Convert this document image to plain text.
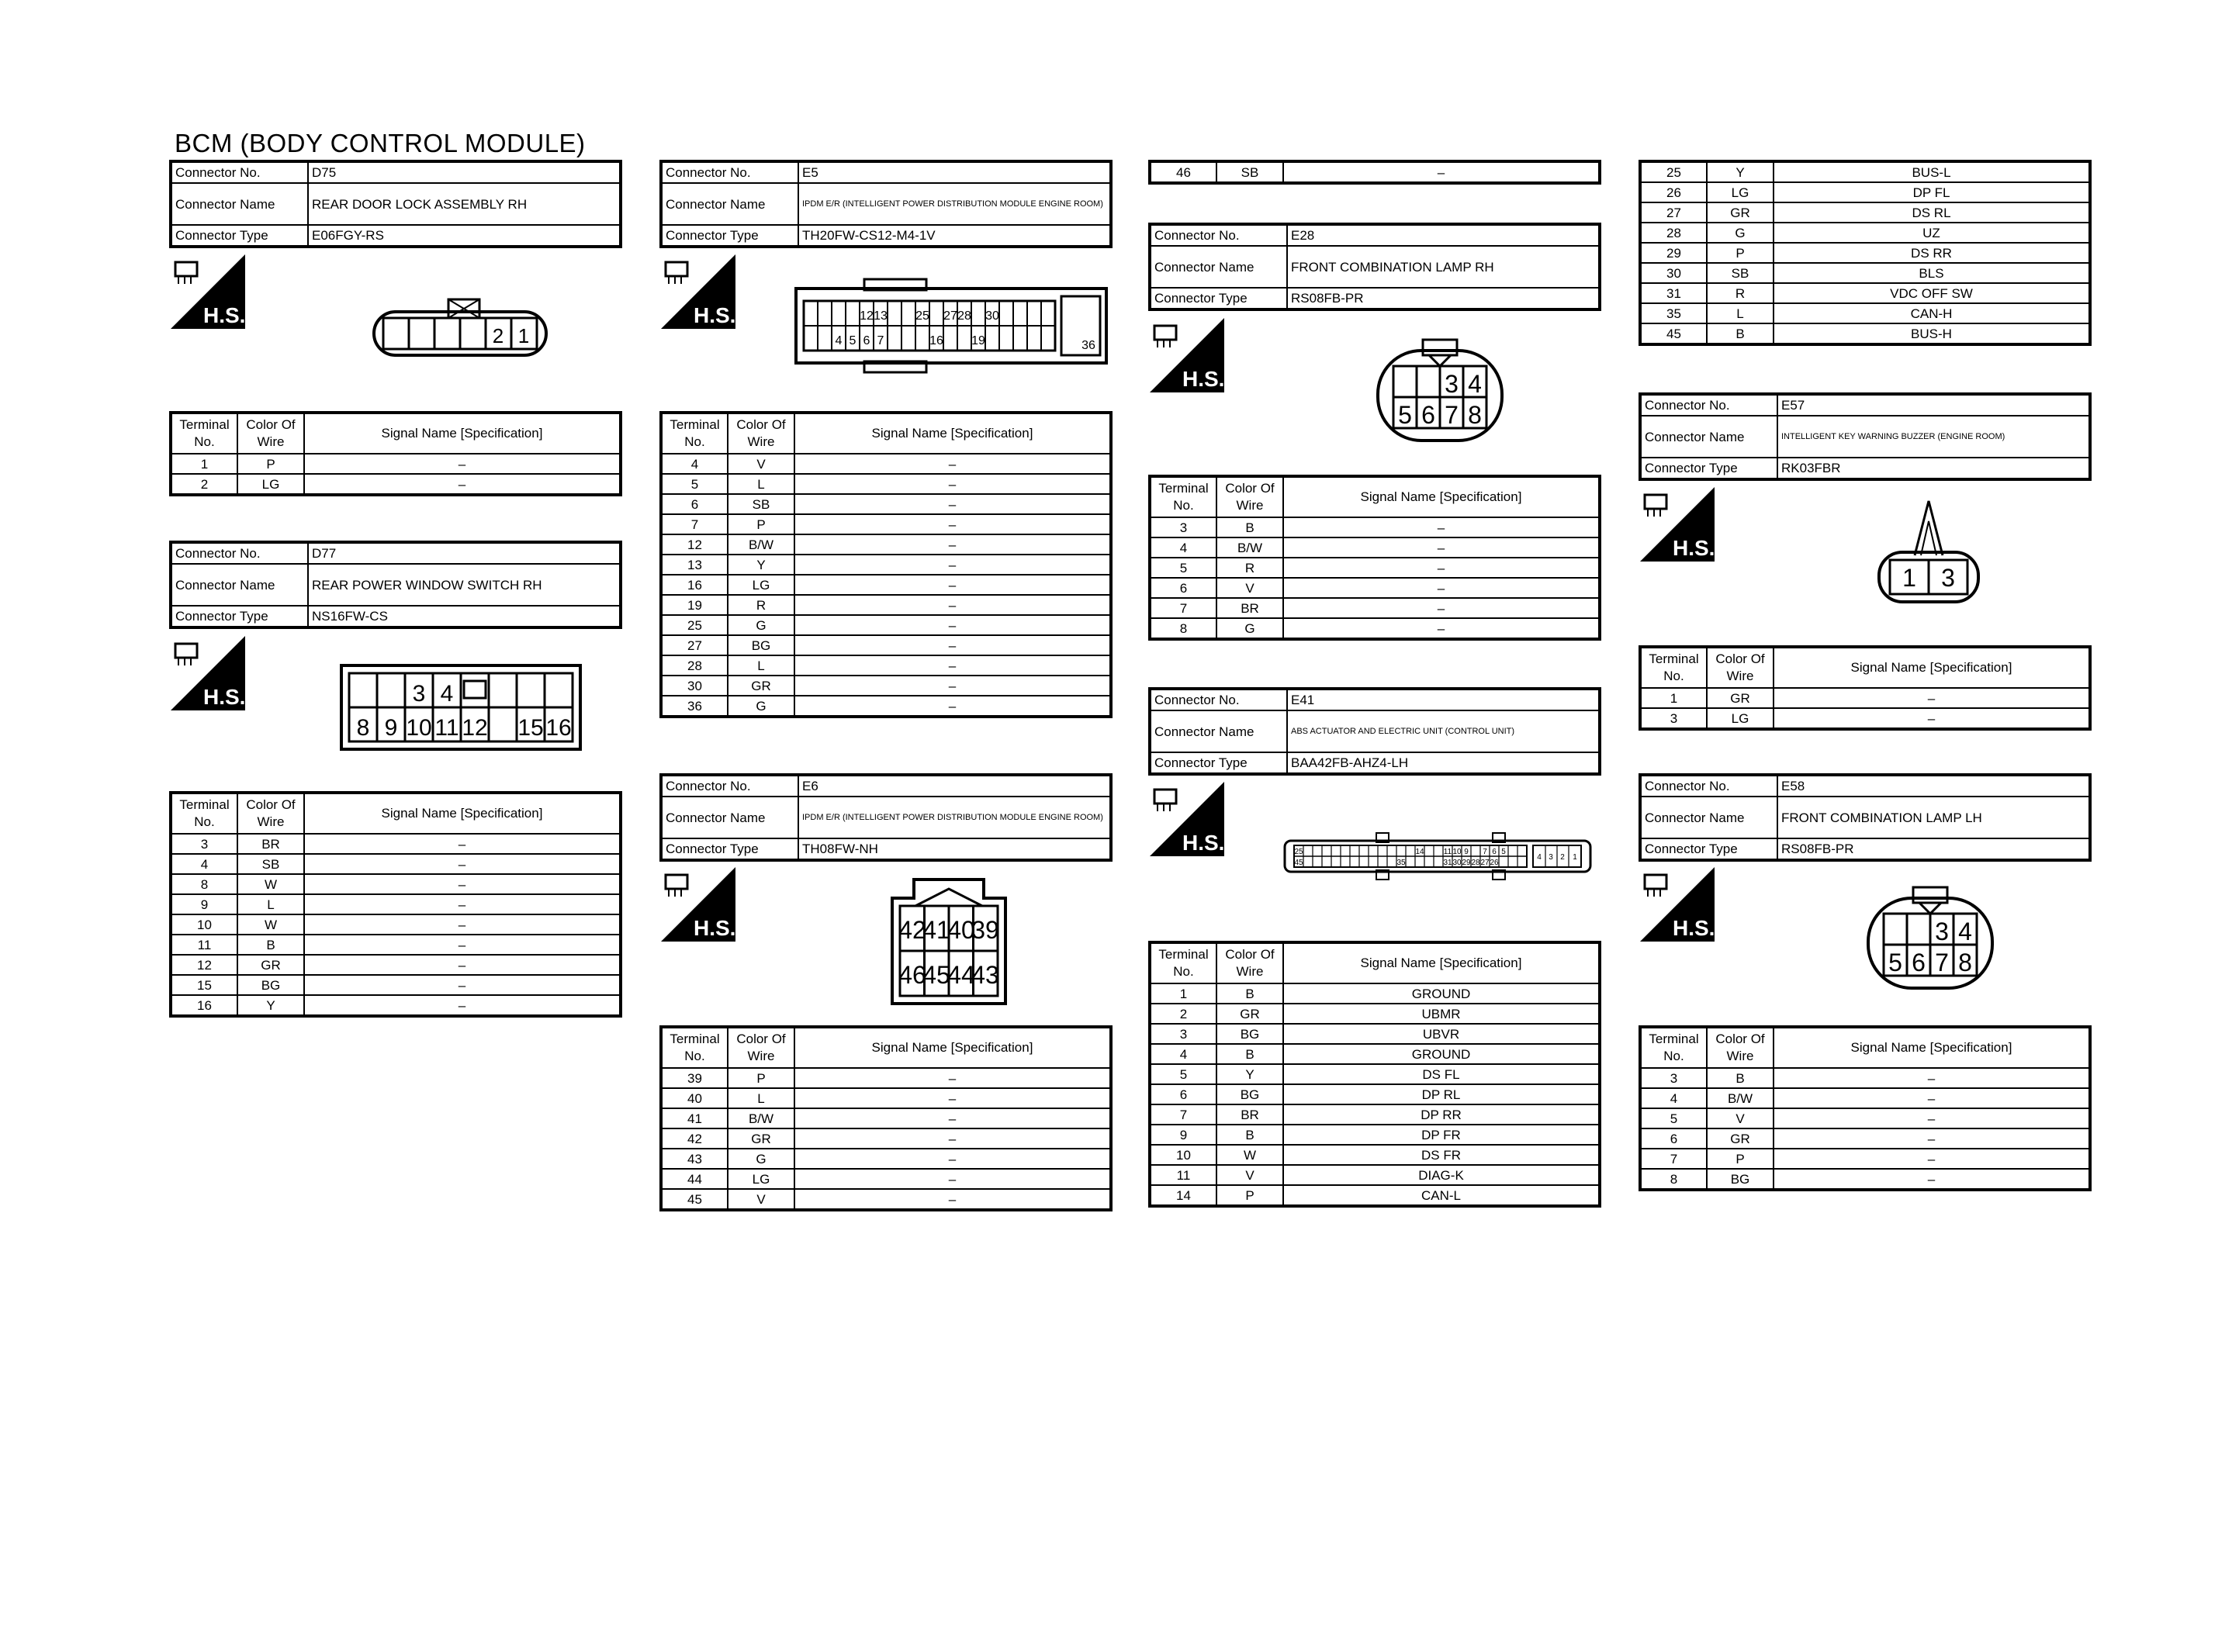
BCM (BODY CONTROL MODULE)
Connector No.	D75
Connector Name	REAR DOOR LOCK ASSEMBLY RH
Connector Type	E06FGY-RS
H.S.
2 1
Terminal No.	Color Of Wire	Signal Name [Specification]
1	P	–
2	LG	–
Connector No.	D77
Connector Name	REAR POWER WINDOW SWITCH RH
Connector Type	NS16FW-CS
H.S.	3 4
8 9 10 11 12 15 16
Terminal No.	Color Of Wire	Signal Name [Specification]
3	BR	–
4	SB	–
8	W	–
9	L	–
10	W	–
11	B	–
12	GR	–
15	BG	–
16	Y	–
Connector No.	E5
Connector Name	IPDM E/R (INTELLIGENT POWER DISTRIBUTION MODULE ENGINE ROOM)
Connector Type	TH20FW-CS12-M4-1V
H.S.	12 13 25 27 28 30
4 5 6 7	16 19	36
Terminal No.	Color Of Wire	Signal Name [Specification]
4	V	–
5	L	–
6	SB	–
7	P	–
12	B/W	–
13	Y	–
16	LG	–
19	R	–
25	G	–
27	BG	–
28	L	–
30	GR	–
36	G	–
Connector No.	E6
Connector Name	IPDM E/R (INTELLIGENT POWER DISTRIBUTION MODULE ENGINE ROOM)
Connector Type	TH08FW-NH
H.S.	42
41
40
39
46
45
44
43
Terminal No.	Color Of Wire	Signal Name [Specification]
39	P	–
40	L	–
41	B/W	–
42	GR	–
43	G	–
44	LG	–
45	V	–
46	SB	–
Connector No.	E28
Connector Name	FRONT COMBINATION LAMP RH
Connector Type	RS08FB-PR
H.S.	3 4
5 6 7 8
Terminal No.	Color Of Wire	Signal Name [Specification]
3	B	–
4	B/W	–
5	R	–
6	V	–
7	BR	–
8	G	–
Connector No.	E41
Connector Name	ABS ACTUATOR AND ELECTRIC UNIT (CONTROL UNIT)
Connector Type	BAA42FB-AHZ4-LH
H.S.	25	14	11 10 9 7 6 5
45	35	31 30 29 28 27 26
4 3 2 1
Terminal No.	Color Of Wire	Signal Name [Specification]
1	B	GROUND
2	GR	UBMR
3	BG	UBVR
4	B	GROUND
5	Y	DS FL
6	BG	DP RL
7	BR	DP RR
9	B	DP FR
10	W	DS FR
11	V	DIAG-K
14	P	CAN-L
25	Y	BUS-L
26	LG	DP FL
27	GR	DS RL
28	G	UZ
29	P	DS RR
30	SB	BLS
31	R	VDC OFF SW
35	L	CAN-H
45	B	BUS-H
Connector No.	E57
Connector Name	INTELLIGENT KEY WARNING BUZZER (ENGINE ROOM)
Connector Type	RK03FBR
H.S.
1 3
Terminal No.	Color Of Wire	Signal Name [Specification]
1	GR	–
3	LG	–
Connector No.	E58
Connector Name	FRONT COMBINATION LAMP LH
Connector Type	RS08FB-PR
H.S.	3 4
5 6 7 8
Terminal No.	Color Of Wire	Signal Name [Specification]
3	B	–
4	B/W	–
5	V	–
6	GR	–
7	P	–
8	BG	–
